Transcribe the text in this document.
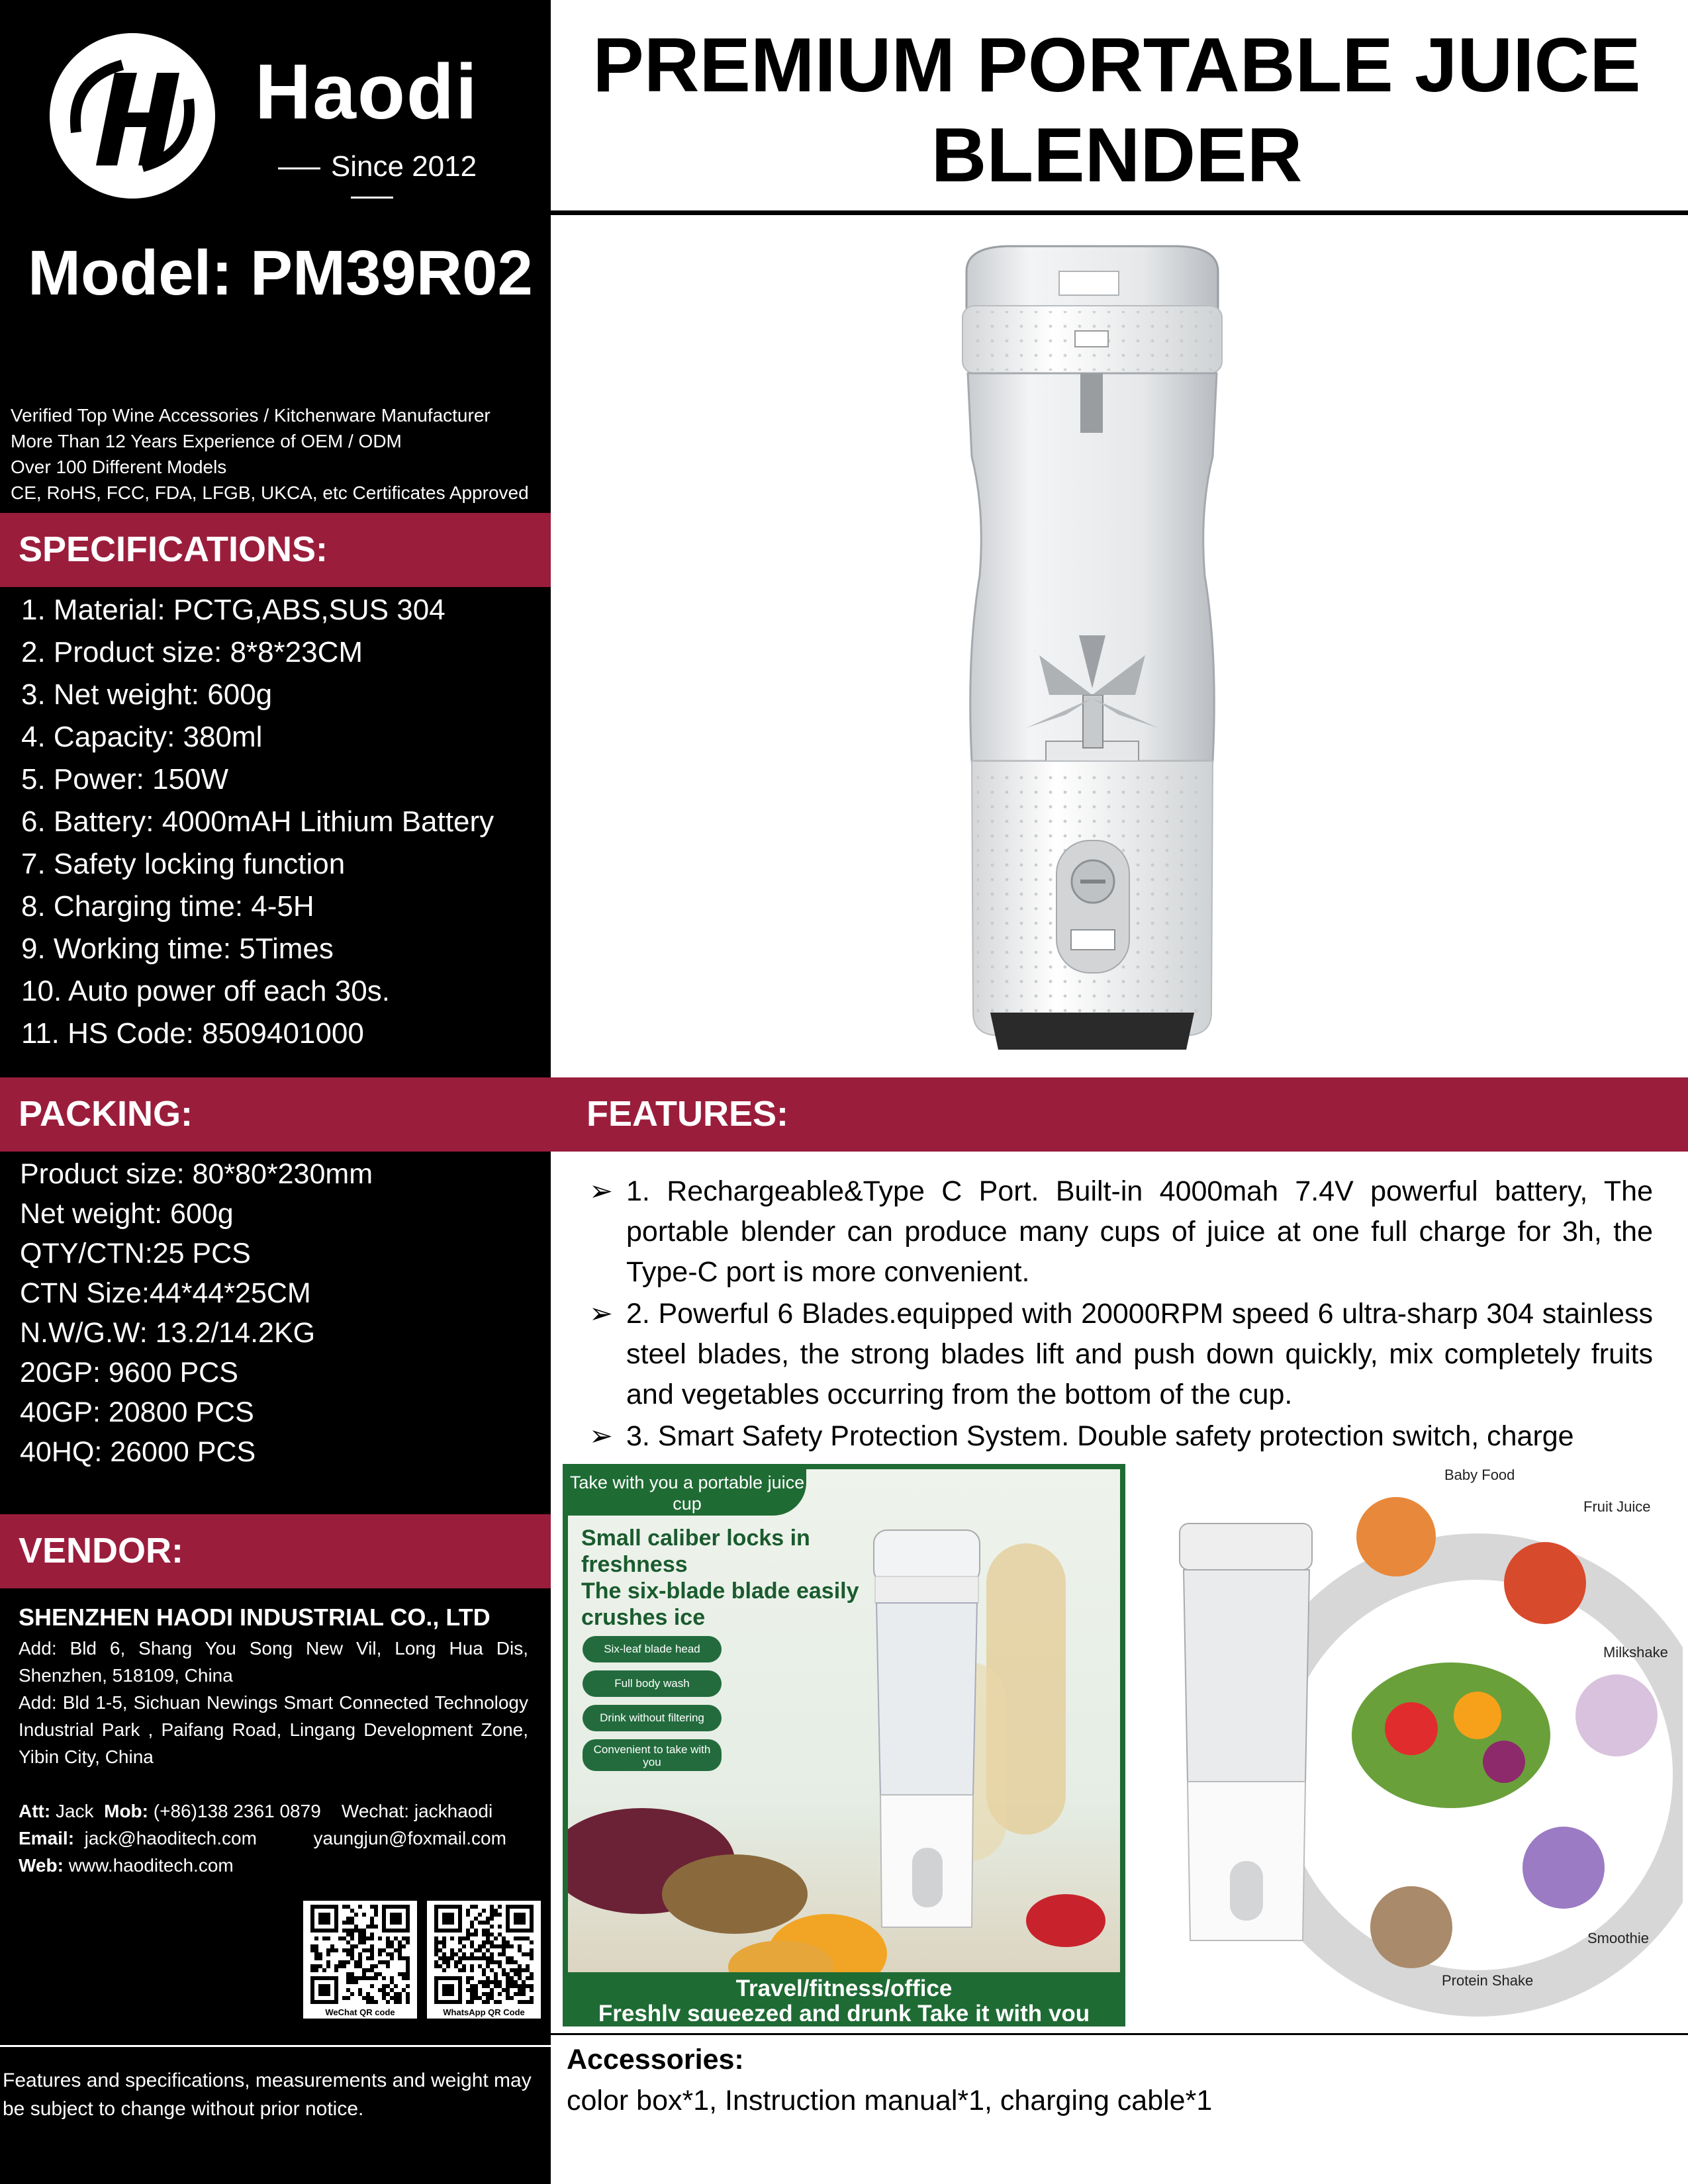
Haodi
Since 2012
Model: PM39R02
Verified Top Wine Accessories / Kitchenware Manufacturer
More Than 12 Years Experience of OEM / ODM
Over 100 Different Models
CE, RoHS, FCC, FDA, LFGB, UKCA, etc Certificates Approved
SPECIFICATIONS:
1. Material: PCTG,ABS,SUS 304
2. Product size: 8*8*23CM
3. Net weight: 600g
4. Capacity: 380ml
5. Power: 150W
6. Battery: 4000mAH Lithium Battery
7. Safety locking function
8. Charging time: 4-5H
9. Working time: 5Times
10. Auto power off each 30s.
11. HS Code: 8509401000
PACKING:
Product size: 80*80*230mm
Net weight: 600g
QTY/CTN:25 PCS
CTN Size:44*44*25CM
N.W/G.W: 13.2/14.2KG
20GP: 9600 PCS
40GP: 20800 PCS
40HQ: 26000 PCS
VENDOR:
SHENZHEN HAODI INDUSTRIAL CO., LTD
Add: Bld 6, Shang You Song New Vil, Long Hua Dis, Shenzhen, 518109, China
Add: Bld 1-5, Sichuan Newings Smart Connected Technology Industrial Park , Paifang Road, Lingang Development Zone, Yibin City, China
Att: Jack Mob: (+86)138 2361 0879 Wechat: jackhaodi
Email: jack@haoditech.com	yaungjun@foxmail.com
Web: www.haoditech.com
WeChat QR code	WhatsApp QR Code
Features and specifications, measurements and weight may be subject to change without prior notice.
PREMIUM PORTABLE JUICE
BLENDER
FEATURES:
➢ 1. Rechargeable&Type C Port. Built-in 4000mah 7.4V powerful battery, The portable blender can produce many cups of juice at one full charge for 3h, the Type-C port is more convenient.
➢ 2. Powerful 6 Blades.equipped with 20000RPM speed 6 ultra-sharp 304 stainless steel blades, the strong blades lift and push down quickly, mix completely fruits and vegetables occurring from the bottom of the cup.
➢ 3. Smart Safety Protection System. Double safety protection switch, charge
Take with you a portable juice cup
Small caliber locks in freshness
The six-blade blade easily crushes ice
Six-leaf blade head
Full body wash
Drink without filtering
Convenient to take with you
Travel/fitness/office
Freshly squeezed and drunk Take it with you
Baby Food
Fruit Juice
Milkshake
Smoothie
Protein Shake
Accessories:
color box*1, Instruction manual*1, charging cable*1
